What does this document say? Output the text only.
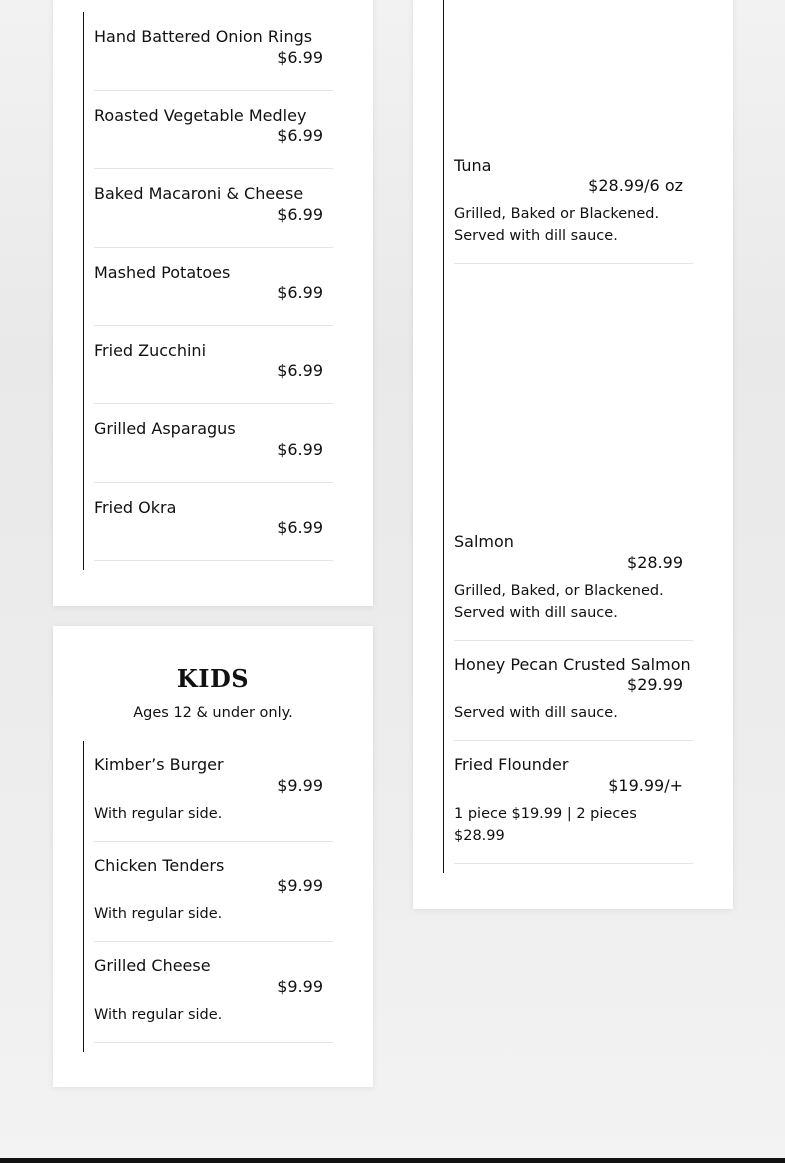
Hand Battered Onion Rings
$6.99
Roasted Vegetable Medley
$6.99
Baked Macaroni & Cheese
$6.99
Mashed Potatoes
$6.99
Fried Zucchini
$6.99
Grilled Asparagus
$6.99
Fried Okra
$6.99
KIDS
Ages 12 & under only.
Kimber’s Burger
$9.99
With regular side.
Chicken Tenders
$9.99
With regular side.
Grilled Cheese
$9.99
With regular side.
Tuna
$28.99/6 oz
Grilled, Baked or Blackened. Served with dill sauce.
Salmon
$28.99
Grilled, Baked, or Blackened. Served with dill sauce.
Honey Pecan Crusted Salmon
$29.99
Served with dill sauce.
Fried Flounder
$19.99/+
1 piece $19.99 | 2 pieces $28.99
